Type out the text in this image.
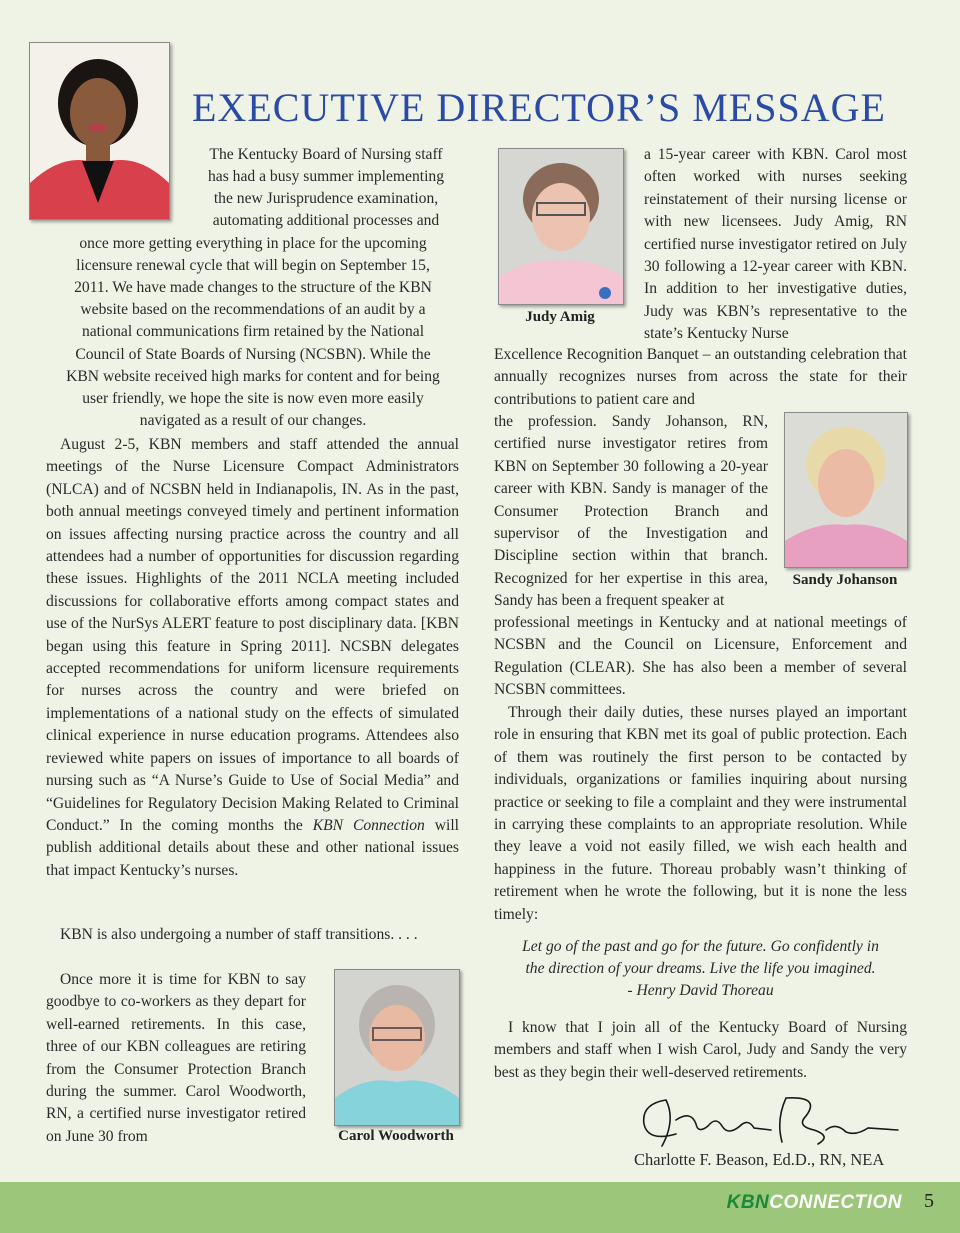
EXECUTIVE DIRECTOR’S MESSAGE

The Kentucky Board of Nursing staff

has had a busy summer implementing

the new Jurisprudence examination,

automating additional processes and

once more getting everything in place for the upcoming

licensure renewal cycle that will begin on September 15,

2011. We have made changes to the structure of the KBN

website based on the recommendations of an audit by a

national communications firm retained by the National

Council of State Boards of Nursing (NCSBN). While the

KBN website received high marks for content and for being

user friendly, we hope the site is now even more easily

navigated as a result of our changes.

August 2-5, KBN members and staff attended the annual meetings of the Nurse Licensure Compact Administrators (NLCA) and of NCSBN held in Indianapolis, IN. As in the past, both annual meetings conveyed timely and pertinent information on issues affecting nursing practice across the country and all attendees had a number of opportunities for discussion regarding these issues. Highlights of the 2011 NCLA meeting included discussions for collaborative efforts among compact states and use of the NurSys ALERT feature to post disciplinary data. [KBN began using this feature in Spring 2011]. NCSBN delegates accepted recommendations for uniform licensure requirements for nurses across the country and were briefed on implementations of a national study on the effects of simulated clinical experience in nurse education programs. Attendees also reviewed white papers on issues of importance to all boards of nursing such as “A Nurse’s Guide to Use of Social Media” and “Guidelines for Regulatory Decision Making Related to Criminal Conduct.” In the coming months the KBN Connection will publish additional details about these and other national issues that impact Kentucky’s nurses.

KBN is also undergoing a number of staff transitions. . . .

Once more it is time for KBN to say goodbye to co-workers as they depart for well-earned retirements. In this case, three of our KBN colleagues are retiring from the Consumer Protection Branch during the summer. Carol Woodworth, RN, a certified nurse investigator retired on June 30 from	Carol Woodworth
Judy Amig

a 15-year career with KBN. Carol most often worked with nurses seeking reinstatement of their nursing license or with new licensees. Judy Amig, RN certified nurse investigator retired on July 30 following a 12-year career with KBN. In addition to her investigative duties, Judy was KBN’s representative to the state’s Kentucky Nurse

Excellence Recognition Banquet – an outstanding celebration that annually recognizes nurses from across the state for their contributions to patient care and

Sandy Johanson

the profession. Sandy Johanson, RN, certified nurse investigator retires from KBN on September 30 following a 20-year career with KBN. Sandy is manager of the Consumer Protection Branch and supervisor of the Investigation and Discipline section within that branch. Recognized for her expertise in this area, Sandy has been a frequent speaker at

professional meetings in Kentucky and at national meetings of NCSBN and the Council on Licensure, Enforcement and Regulation (CLEAR). She has also been a member of several NCSBN committees.

Through their daily duties, these nurses played an important role in ensuring that KBN met its goal of public protection. Each of them was routinely the first person to be contacted by individuals, organizations or families inquiring about nursing practice or seeking to file a complaint and they were instrumental in carrying these complaints to an appropriate resolution. While they leave a void not easily filled, we wish each health and happiness in the future. Thoreau probably wasn’t thinking of retirement when he wrote the following, but it is none the less timely:

Let go of the past and go for the future. Go confidently in

the direction of your dreams. Live the life you imagined.

- Henry David Thoreau

I know that I join all of the Kentucky Board of Nursing members and staff when I wish Carol, Judy and Sandy the very best as they begin their well-deserved retirements.

Charlotte F. Beason, Ed.D., RN, NEA
KBNCONNECTION 5
